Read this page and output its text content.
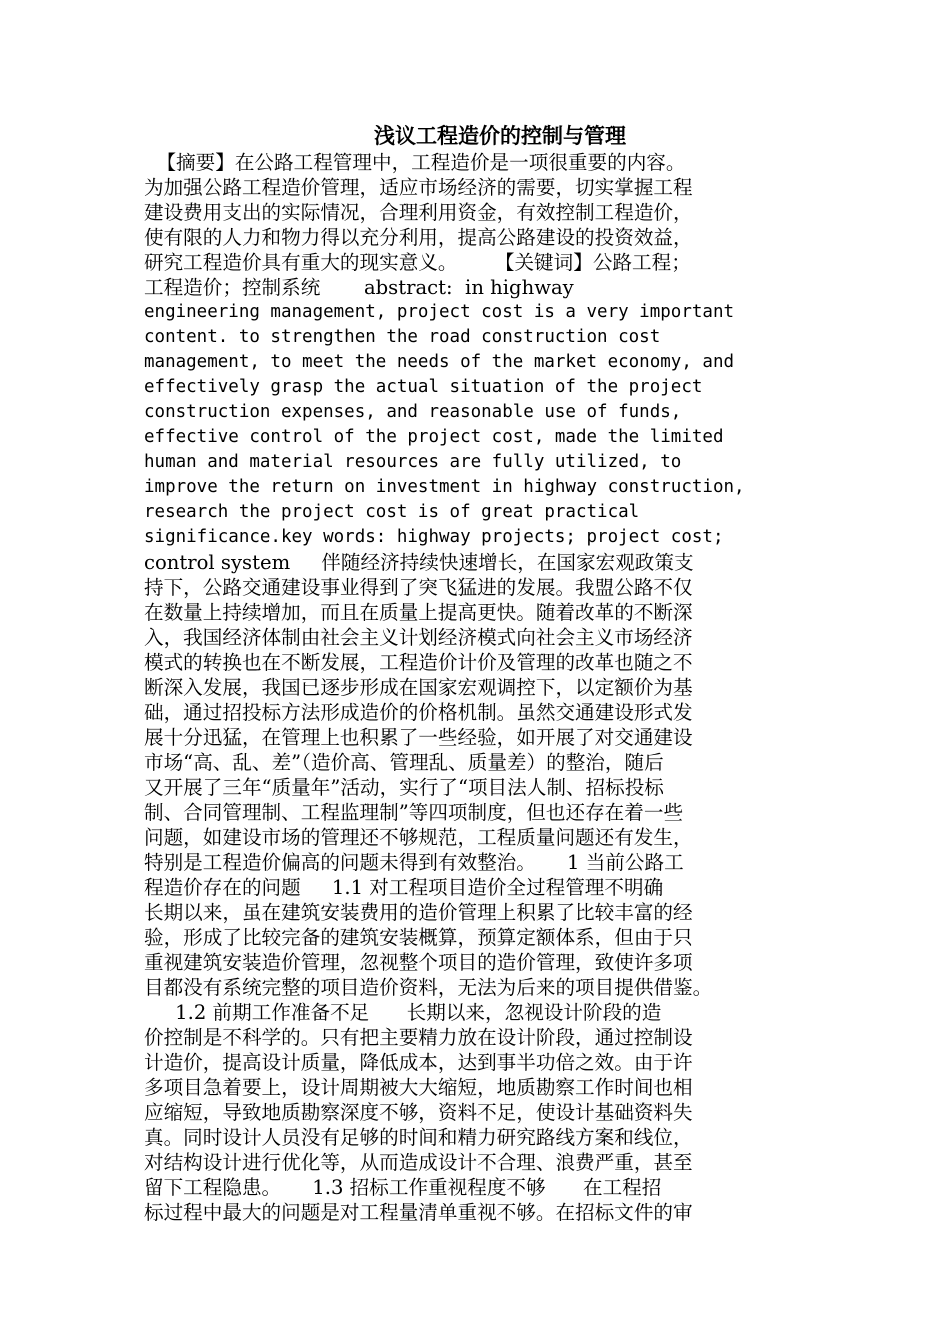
浅议工程造价的控制与管理
【摘要】在公路工程管理中，工程造价是一项很重要的内容。
为加强公路工程造价管理，适应市场经济的需要，切实掌握工程
建设费用支出的实际情况，合理利用资金，有效控制工程造价，
使有限的人力和物力得以充分利用，提高公路建设的投资效益，
研究工程造价具有重大的现实意义。      【关键词】公路工程；
工程造价；控制系统       abstract:  in highway
engineering management, project cost is a very important
content. to strengthen the road construction cost
management, to meet the needs of the market economy, and
effectively grasp the actual situation of the project
construction expenses, and reasonable use of funds,
effective control of the project cost, made the limited
human and material resources are fully utilized, to
improve the return on investment in highway construction,
research the project cost is of great practical
significance.key words: highway projects; project cost;
control system     伴随经济持续快速增长，在国家宏观政策支
持下，公路交通建设事业得到了突飞猛进的发展。我盟公路不仅
在数量上持续增加，而且在质量上提高更快。随着改革的不断深
入，我国经济体制由社会主义计划经济模式向社会主义市场经济
模式的转换也在不断发展，工程造价计价及管理的改革也随之不
断深入发展，我国已逐步形成在国家宏观调控下，以定额价为基
础，通过招投标方法形成造价的价格机制。虽然交通建设形式发
展十分迅猛，在管理上也积累了一些经验，如开展了对交通建设
市场“高、乱、差”（造价高、管理乱、质量差）的整治，随后
又开展了三年“质量年”活动，实行了“项目法人制、招标投标
制、合同管理制、工程监理制”等四项制度，但也还存在着一些
问题，如建设市场的管理还不够规范，工程质量问题还有发生，
特别是工程造价偏高的问题未得到有效整治。     1 当前公路工
程造价存在的问题     1.1 对工程项目造价全过程管理不明确
长期以来，虽在建筑安装费用的造价管理上积累了比较丰富的经
验，形成了比较完备的建筑安装概算，预算定额体系，但由于只
重视建筑安装造价管理，忽视整个项目的造价管理，致使许多项
目都没有系统完整的项目造价资料，无法为后来的项目提供借鉴。
1.2 前期工作准备不足      长期以来，忽视设计阶段的造
价控制是不科学的。只有把主要精力放在设计阶段，通过控制设
计造价，提高设计质量，降低成本，达到事半功倍之效。由于许
多项目急着要上，设计周期被大大缩短，地质勘察工作时间也相
应缩短，导致地质勘察深度不够，资料不足，使设计基础资料失
真。同时设计人员没有足够的时间和精力研究路线方案和线位，
对结构设计进行优化等，从而造成设计不合理、浪费严重，甚至
留下工程隐患。     1.3 招标工作重视程度不够      在工程招
标过程中最大的问题是对工程量清单重视不够。在招标文件的审
